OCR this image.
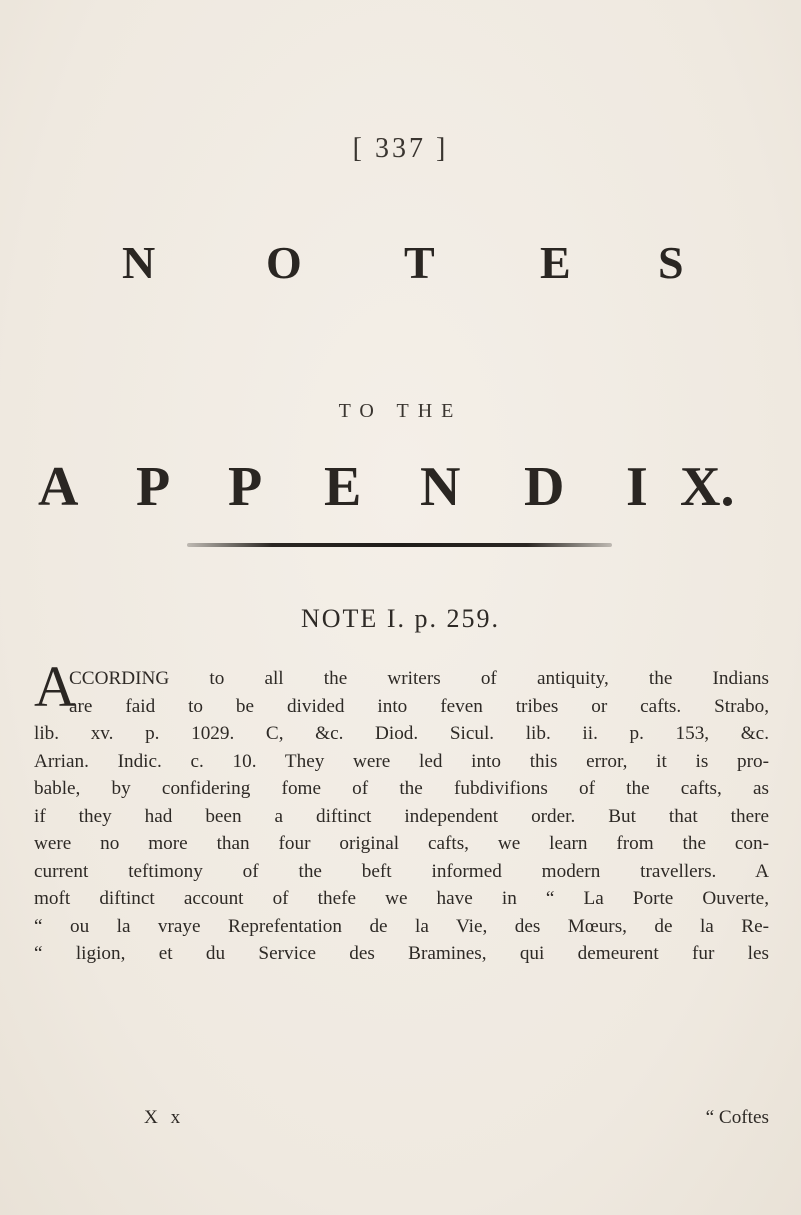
[ 337 ]
N O T E S
TO THE
A P P E N D I X.
NOTE I. p. 259.
A
CCORDING to all the writers of antiquity, the Indians
are faid to be divided into feven tribes or cafts. Strabo,
lib. xv. p. 1029. C, &c. Diod. Sicul. lib. ii. p. 153, &c.
Arrian. Indic. c. 10. They were led into this error, it is pro-
bable, by confidering fome of the fubdivifions of the cafts, as
if they had been a diftinct independent order. But that there
were no more than four original cafts, we learn from the con-
current teftimony of the beft informed modern travellers. A
moft diftinct account of thefe we have in “ La Porte Ouverte,
“ ou la vraye Reprefentation de la Vie, des Mœurs, de la Re-
“ ligion, et du Service des Bramines, qui demeurent fur les
X x	“ Coftes
